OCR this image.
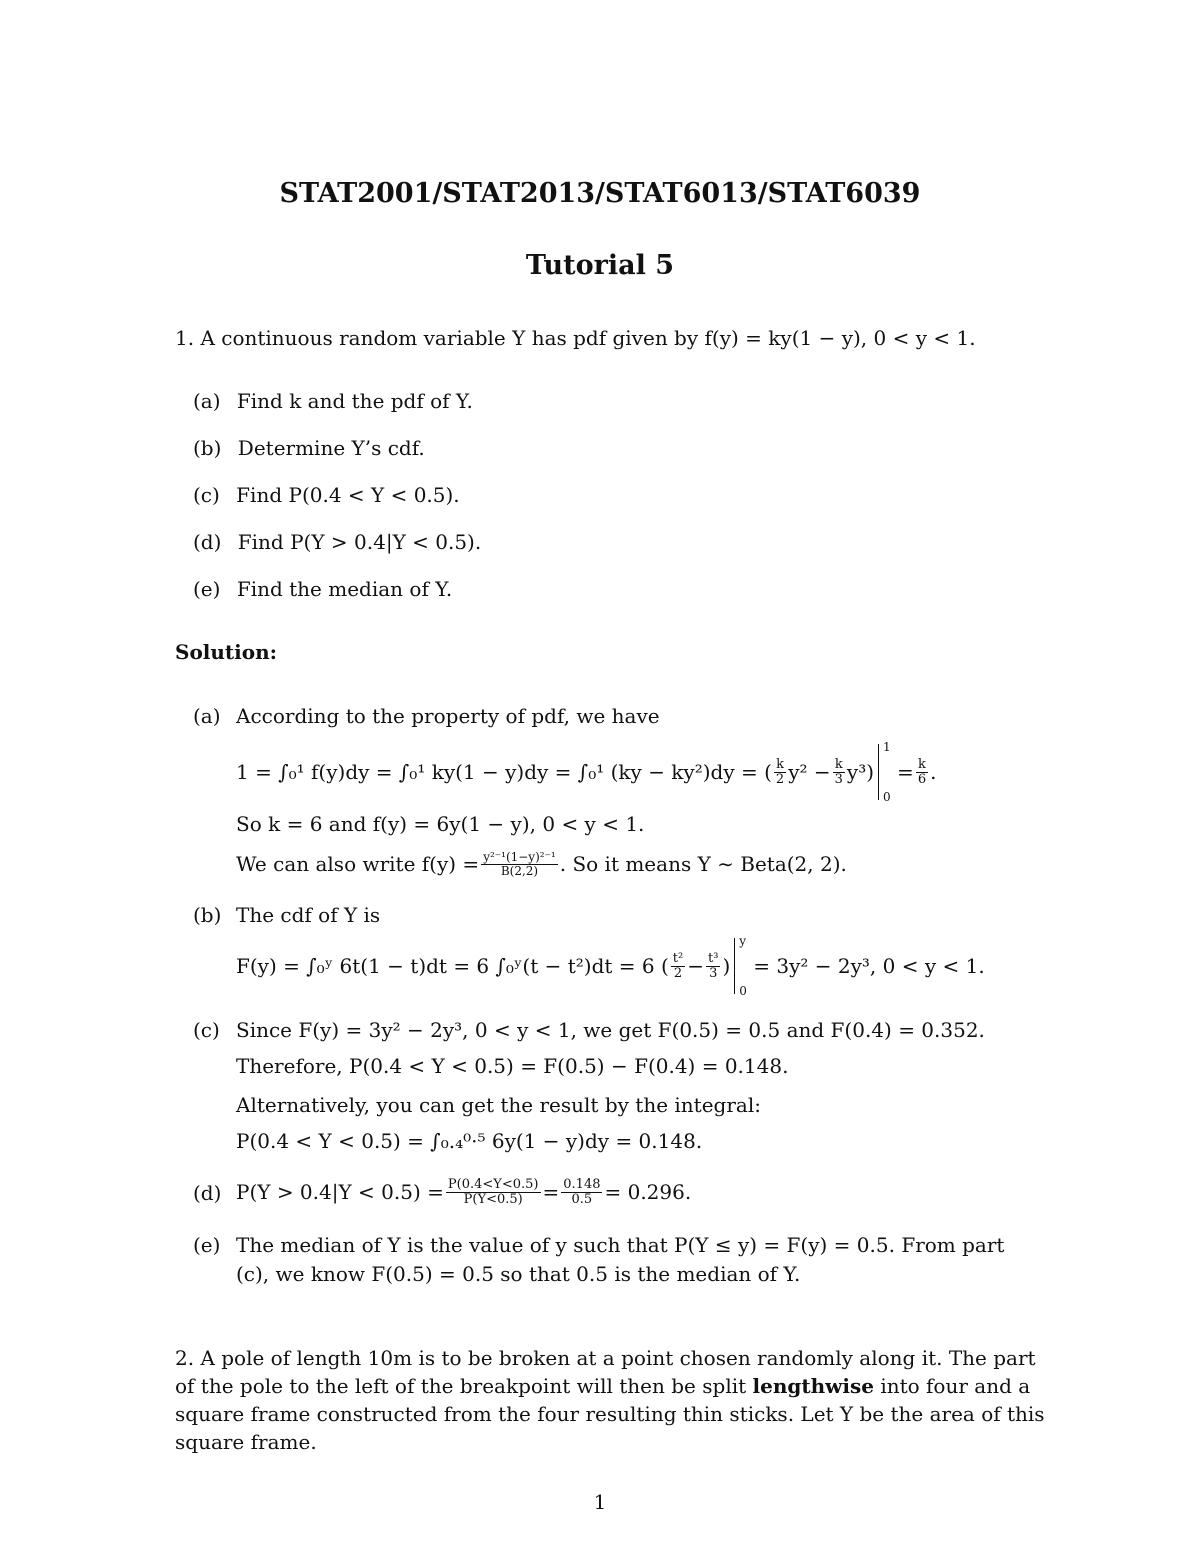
STAT2001/STAT2013/STAT6013/STAT6039
Tutorial 5
1. A continuous random variable Y has pdf given by f(y) = ky(1 − y), 0 < y < 1.
(a) Find k and the pdf of Y.
(b) Determine Y’s cdf.
(c) Find P(0.4 < Y < 0.5).
(d) Find P(Y > 0.4|Y < 0.5).
(e) Find the median of Y.
Solution:
(a) According to the property of pdf, we have
1 = ∫₀¹ f(y)dy = ∫₀¹ ky(1 − y)dy = ∫₀¹ (ky − ky²)dy = ( $\frac{k}{2} y^2 - \frac{k}{3} y^3$)
1
0
= $\frac{k}{6}$ .
So k = 6 and f(y) = 6y(1 − y), 0 < y < 1.
We can also write $f(y) = \frac{\text{y²⁻¹(1−y)²⁻¹}}{B(2,2)}$ . So it means Y ∼ Beta(2, 2).
(b) The cdf of Y is
F(y) = ∫₀ʸ 6t(1 − t)dt = 6 ∫₀ʸ(t − t²)dt = 6 ( $\frac{\text{t²}}{2} - \frac{\text{t³}}{3}$ )
y
0
= 3y² − 2y³, 0 < y < 1.
(c) Since F(y) = 3y² − 2y³, 0 < y < 1, we get F(0.5) = 0.5 and F(0.4) = 0.352.
Therefore, P(0.4 < Y < 0.5) = F(0.5) − F(0.4) = 0.148.
Alternatively, you can get the result by the integral:
P(0.4 < Y < 0.5) = ∫₀.₄⁰·⁵ 6y(1 − y)dy = 0.148.
(d) $P(Y > 0.4|Y < 0.5) = \frac{P(0.4<Y<0.5)}{P(Y<0.5)} = \frac{0.148}{0.5} = 0.296$.
(e) The median of Y is the value of y such that P(Y ≤ y) = F(y) = 0.5. From part
(c), we know F(0.5) = 0.5 so that 0.5 is the median of Y.
2. A pole of length 10m is to be broken at a point chosen randomly along it. The part
of the pole to the left of the breakpoint will then be split lengthwise into four and a
square frame constructed from the four resulting thin sticks. Let Y be the area of this
square frame.
1
